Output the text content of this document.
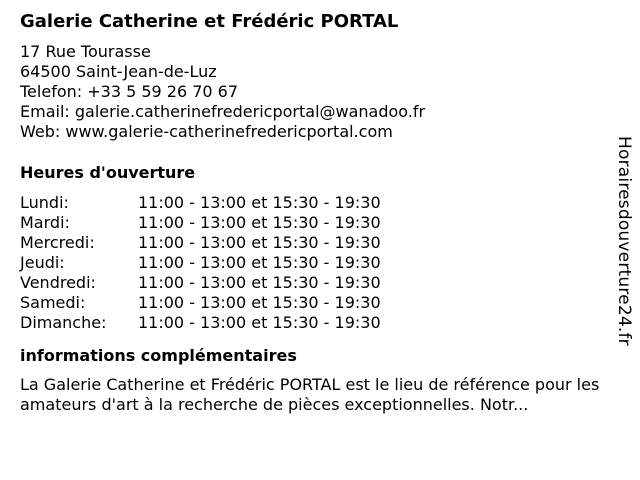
Galerie Catherine et Frédéric PORTAL
17 Rue Tourasse
64500 Saint-Jean-de-Luz
Telefon: +33 5 59 26 70 67
Email: galerie.catherinefredericportal@wanadoo.fr
Web: www.galerie-catherinefredericportal.com
Heures d'ouverture
Lundi:	11:00 - 13:00 et 15:30 - 19:30
Mardi:	11:00 - 13:00 et 15:30 - 19:30
Mercredi:	11:00 - 13:00 et 15:30 - 19:30
Jeudi:	11:00 - 13:00 et 15:30 - 19:30
Vendredi:	11:00 - 13:00 et 15:30 - 19:30
Samedi:	11:00 - 13:00 et 15:30 - 19:30
Dimanche:	11:00 - 13:00 et 15:30 - 19:30
informations complémentaires

La Galerie Catherine et Frédéric PORTAL est le lieu de référence pour les amateurs d'art à la recherche de pièces exceptionnelles. Notr...

Horairesdouverture24.fr
